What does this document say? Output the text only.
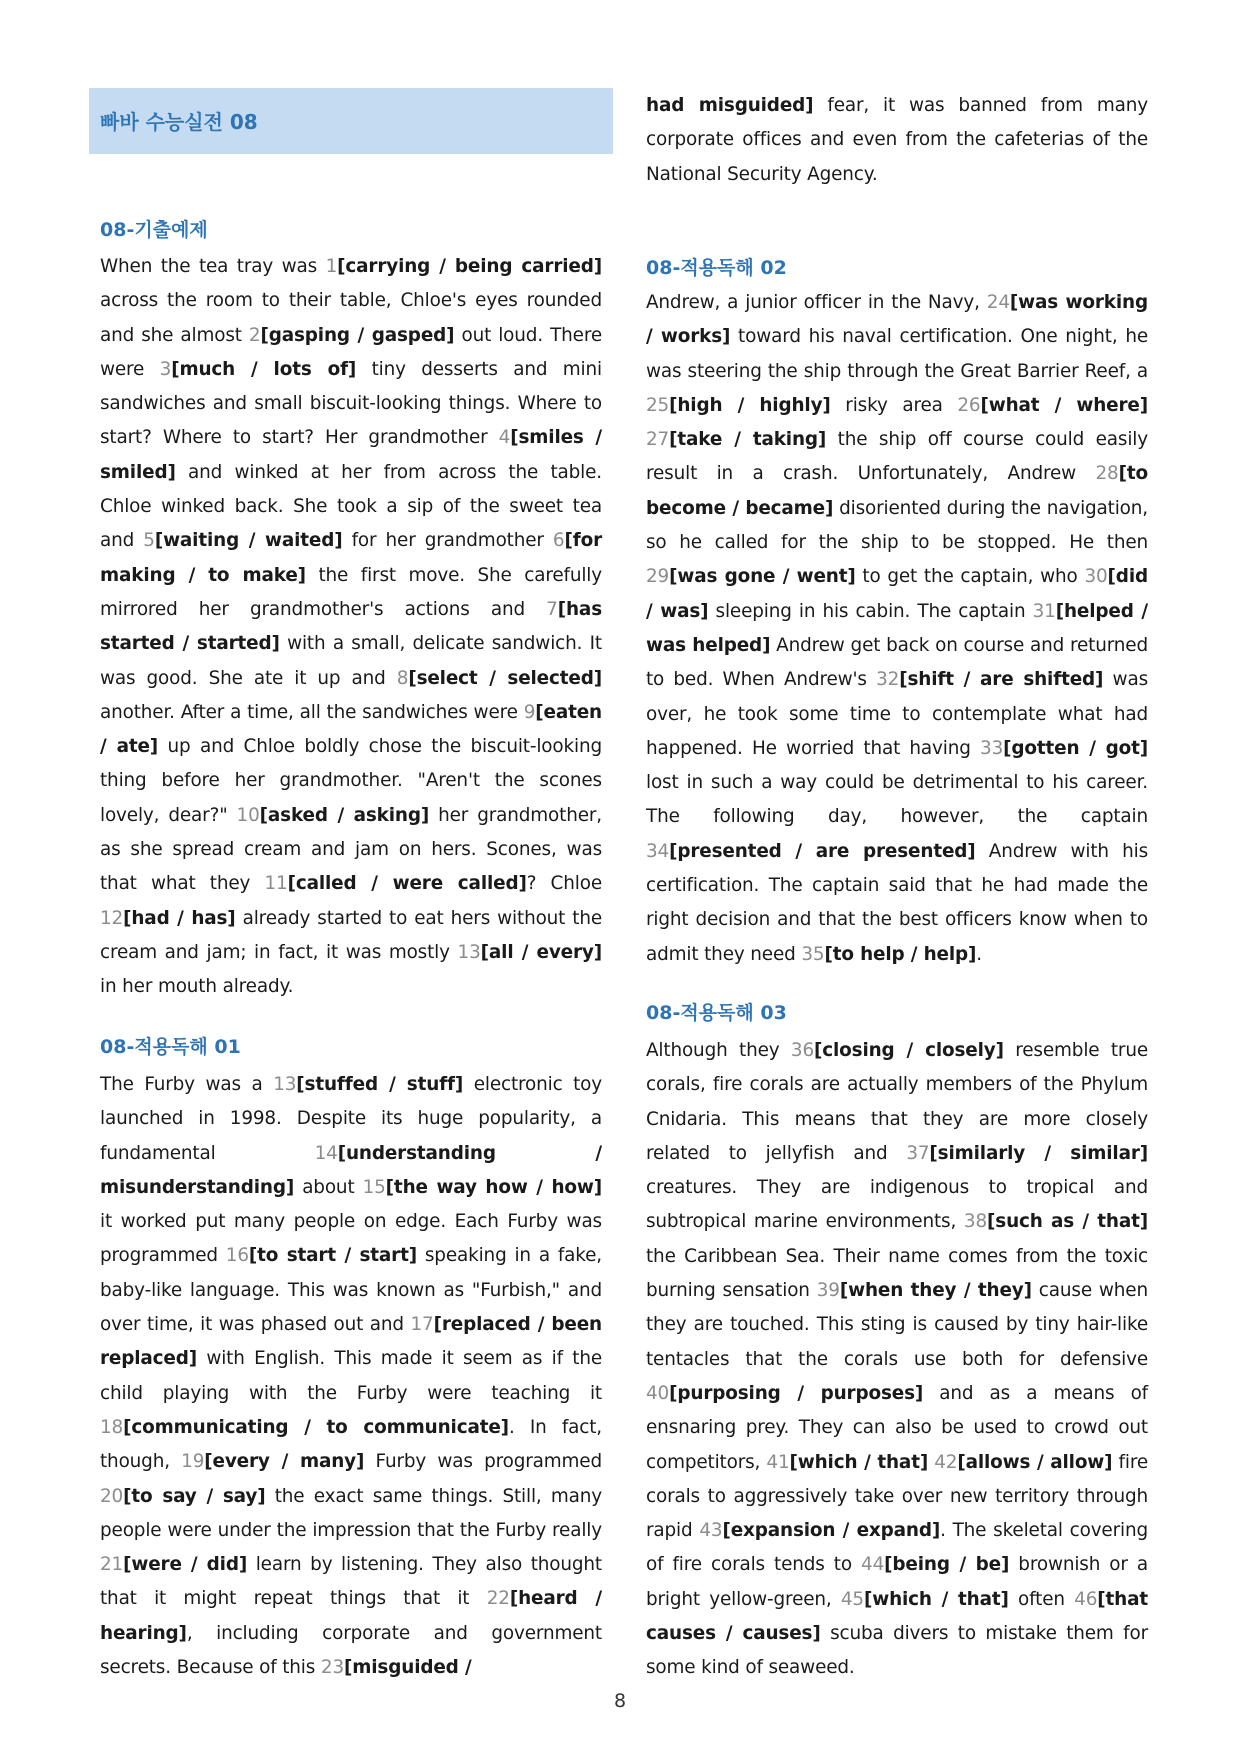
빠바 수능실전 08
08-기출예제

When the tea tray was 1[carrying / being carried] across the room to their table, Chloe's eyes rounded and she almost 2[gasping / gasped] out loud. There were 3[much / lots of] tiny desserts and mini sandwiches and small biscuit-looking things. Where to start? Where to start? Her grandmother 4[smiles / smiled] and winked at her from across the table. Chloe winked back. She took a sip of the sweet tea and 5[waiting / waited] for her grandmother 6[for making / to make] the first move. She carefully mirrored her grandmother's actions and 7[has started / started] with a small, delicate sandwich. It was good. She ate it up and 8[select / selected] another. After a time, all the sandwiches were 9[eaten / ate] up and Chloe boldly chose the biscuit-looking thing before her grandmother. "Aren't the scones lovely, dear?" 10[asked / asking] her grandmother, as she spread cream and jam on hers. Scones, was that what they 11[called / were called]? Chloe 12[had / has] already started to eat hers without the cream and jam; in fact, it was mostly 13[all / every] in her mouth already.

08-적용독해 01

The Furby was a 13[stuffed / stuff] electronic toy launched in 1998. Despite its huge popularity, a fundamental 14[understanding / misunderstanding] about 15[the way how / how] it worked put many people on edge. Each Furby was programmed 16[to start / start] speaking in a fake, baby-like language. This was known as "Furbish," and over time, it was phased out and 17[replaced / been replaced] with English. This made it seem as if the child playing with the Furby were teaching it 18[communicating / to communicate]. In fact, though, 19[every / many] Furby was programmed 20[to say / say] the exact same things. Still, many people were under the impression that the Furby really 21[were / did] learn by listening. They also thought that it might repeat things that it 22[heard / hearing], including corporate and government secrets. Because of this 23[misguided /

had misguided] fear, it was banned from many corporate offices and even from the cafeterias of the National Security Agency.

08-적용독해 02

Andrew, a junior officer in the Navy, 24[was working / works] toward his naval certification. One night, he was steering the ship through the Great Barrier Reef, a 25[high / highly] risky area 26[what / where] 27[take / taking] the ship off course could easily result in a crash. Unfortunately, Andrew 28[to become / became] disoriented during the navigation, so he called for the ship to be stopped. He then 29[was gone / went] to get the captain, who 30[did / was] sleeping in his cabin. The captain 31[helped / was helped] Andrew get back on course and returned to bed. When Andrew's 32[shift / are shifted] was over, he took some time to contemplate what had happened. He worried that having 33[gotten / got] lost in such a way could be detrimental to his career. The following day, however, the captain 34[presented / are presented] Andrew with his certification. The captain said that he had made the right decision and that the best officers know when to admit they need 35[to help / help].

08-적용독해 03

Although they 36[closing / closely] resemble true corals, fire corals are actually members of the Phylum Cnidaria. This means that they are more closely related to jellyfish and 37[similarly / similar] creatures. They are indigenous to tropical and subtropical marine environments, 38[such as / that] the Caribbean Sea. Their name comes from the toxic burning sensation 39[when they / they] cause when they are touched. This sting is caused by tiny hair-like tentacles that the corals use both for defensive 40[purposing / purposes] and as a means of ensnaring prey. They can also be used to crowd out competitors, 41[which / that] 42[allows / allow] fire corals to aggressively take over new territory through rapid 43[expansion / expand]. The skeletal covering of fire corals tends to 44[being / be] brownish or a bright yellow-green, 45[which / that] often 46[that causes / causes] scuba divers to mistake them for some kind of seaweed.

8
